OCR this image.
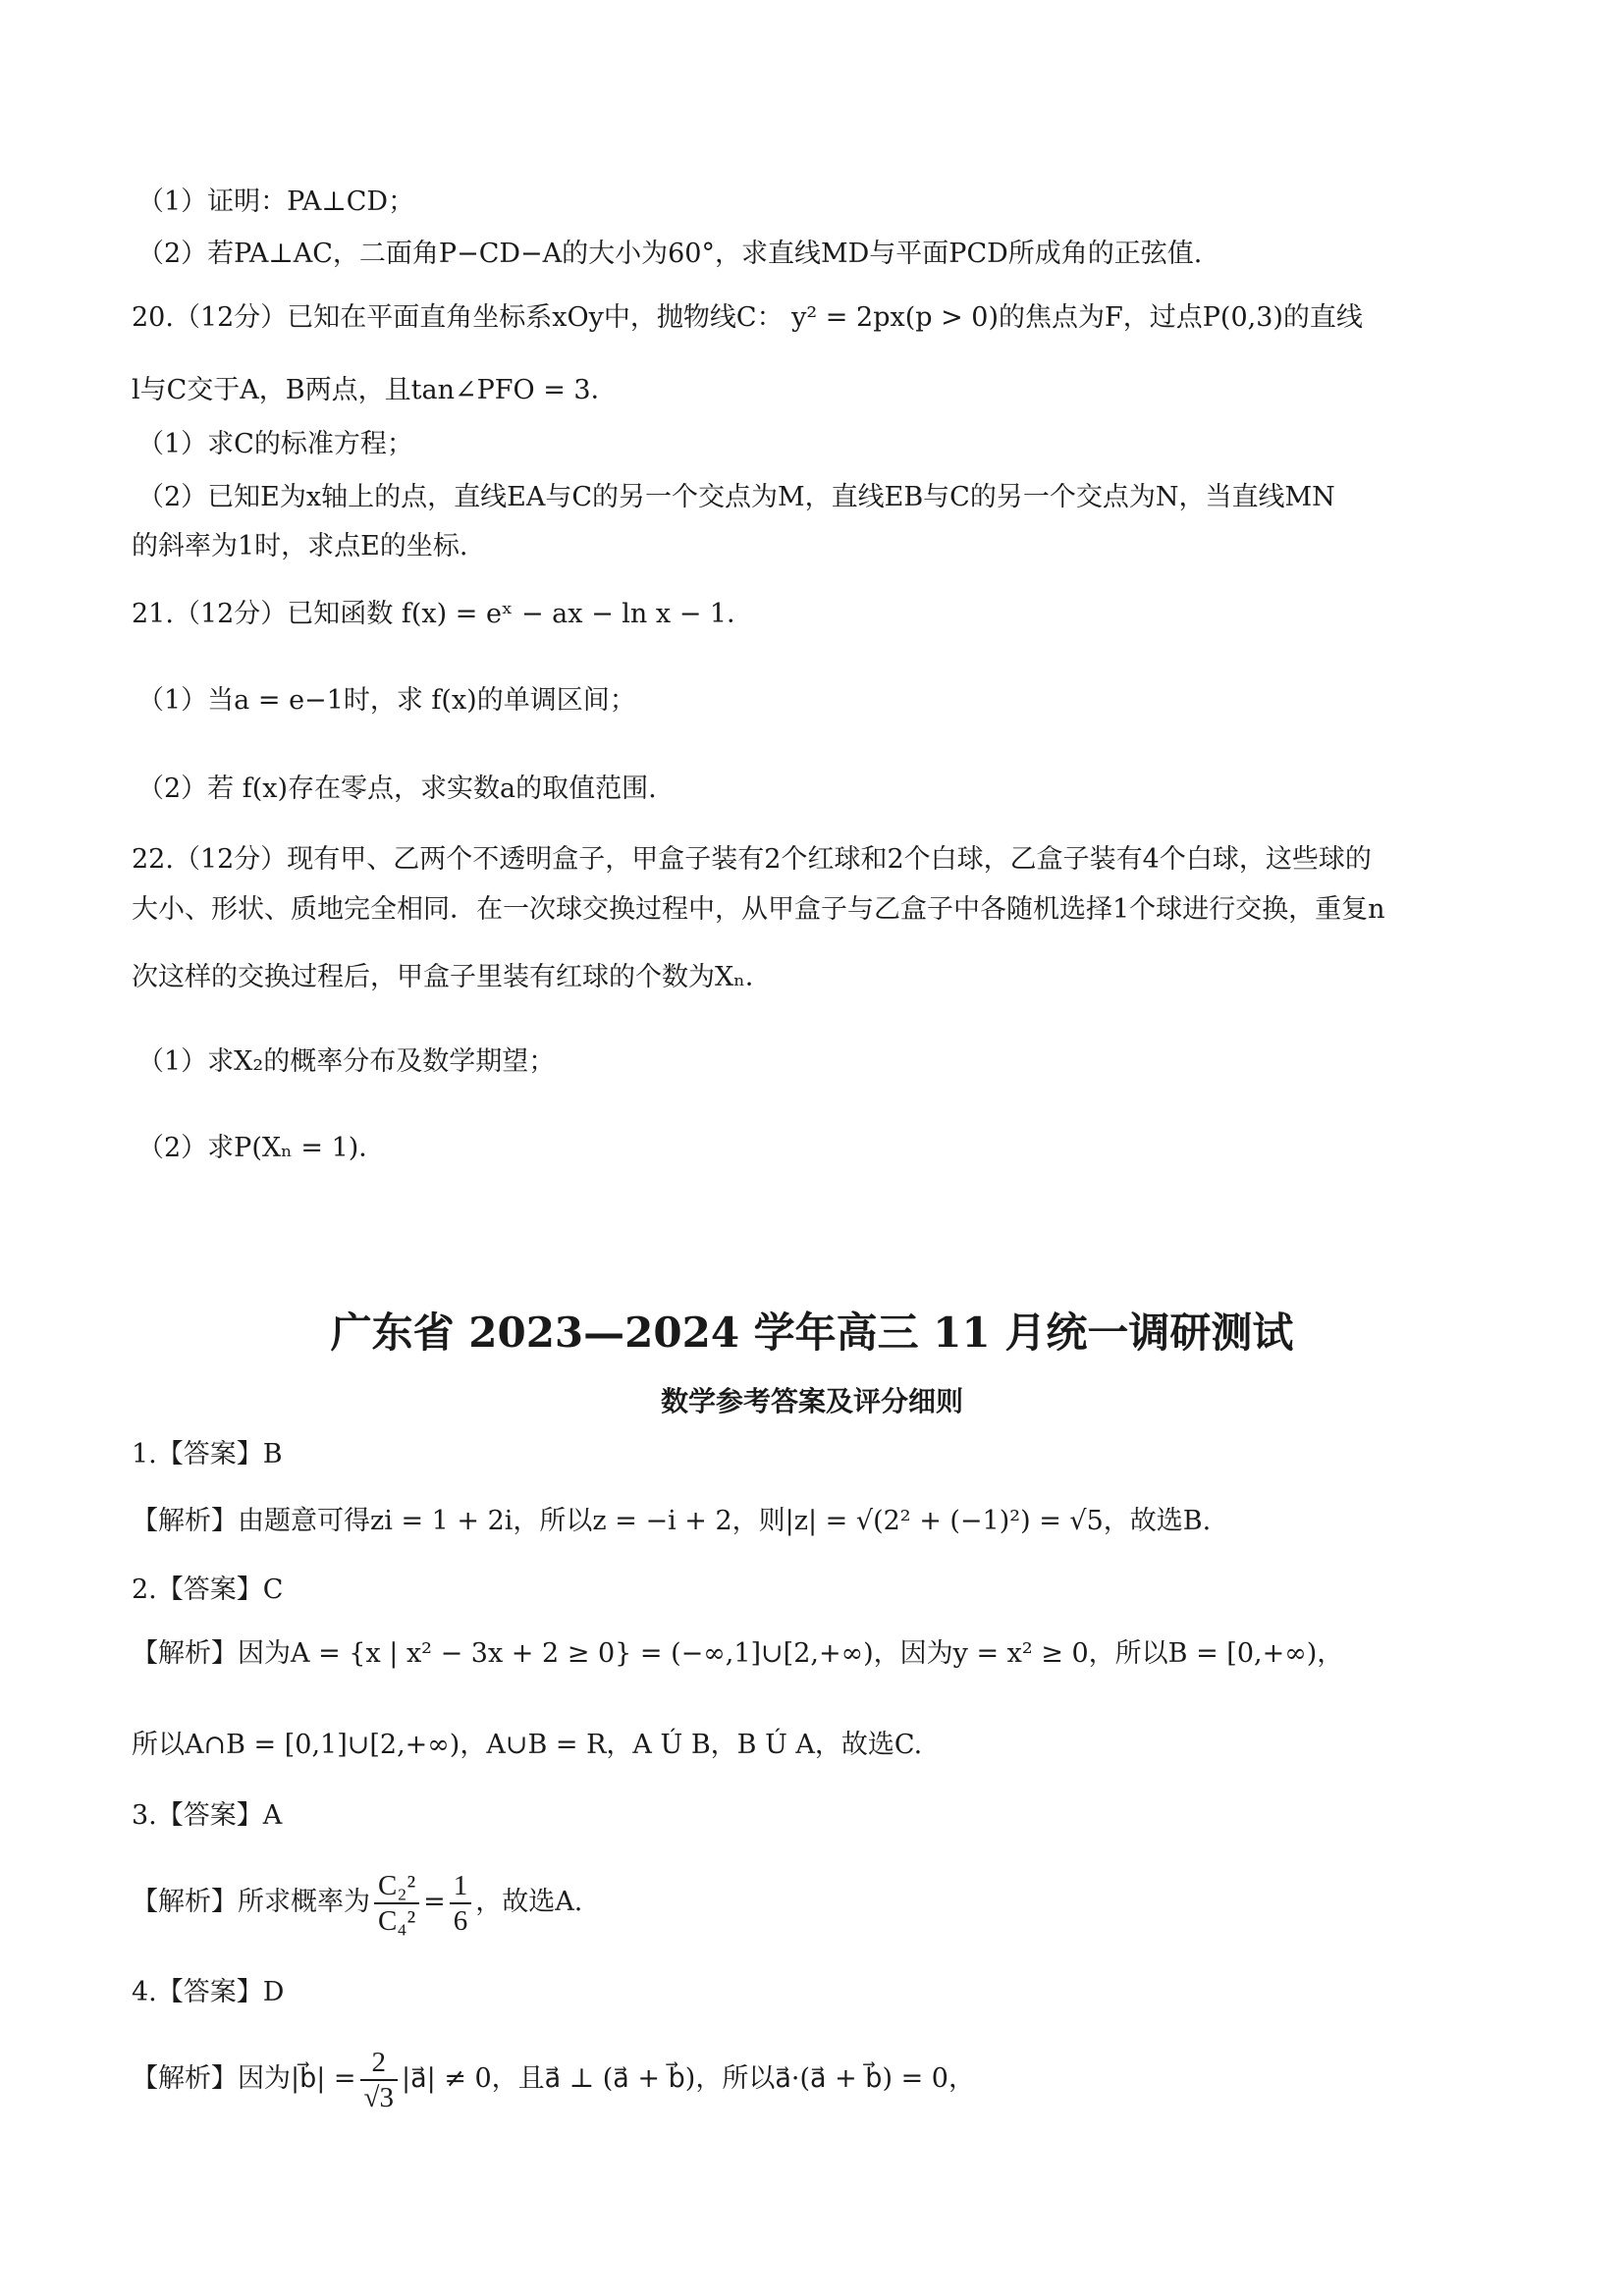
（1）证明：PA⊥CD；
（2）若PA⊥AC，二面角P−CD−A的大小为60°，求直线MD与平面PCD所成角的正弦值.
20.（12分）已知在平面直角坐标系xOy中，抛物线C： y² = 2px(p > 0)的焦点为F，过点P(0,3)的直线
l与C交于A，B两点，且tan∠PFO = 3．
（1）求C的标准方程；
（2）已知E为x轴上的点，直线EA与C的另一个交点为M，直线EB与C的另一个交点为N，当直线MN
的斜率为1时，求点E的坐标.
21.（12分）已知函数 f(x) = eˣ − ax − ln x − 1．
（1）当a = e−1时，求 f(x)的单调区间；
（2）若 f(x)存在零点，求实数a的取值范围.
22.（12分）现有甲、乙两个不透明盒子，甲盒子装有2个红球和2个白球，乙盒子装有4个白球，这些球的
大小、形状、质地完全相同．在一次球交换过程中，从甲盒子与乙盒子中各随机选择1个球进行交换，重复n
次这样的交换过程后，甲盒子里装有红球的个数为Xₙ．
（1）求X₂的概率分布及数学期望；
（2）求P(Xₙ = 1)．
广东省 2023—2024 学年高三 11 月统一调研测试
数学参考答案及评分细则
1.【答案】B
【解析】由题意可得zi = 1 + 2i，所以z = −i + 2，则|z| = √(2² + (−1)²) = √5，故选B.
2.【答案】C
【解析】因为A = {x | x² − 3x + 2 ≥ 0} = (−∞,1]∪[2,+∞)，因为y = x² ≥ 0，所以B = [0,+∞)，
所以A∩B = [0,1]∪[2,+∞)，A∪B = R，A Ú B，B Ú A，故选C.
3.【答案】A
【解析】所求概率为 $\frac{\text{C₂²}}{\text{C₄²}} = \frac{1}{6}$ ，故选A.
4.【答案】D
【解析】因为|b⃗| = $\frac{2}{√3}$ |a⃗| ≠ 0，且a⃗ ⊥ (a⃗ + b⃗)，所以a⃗·(a⃗ + b⃗) = 0，
